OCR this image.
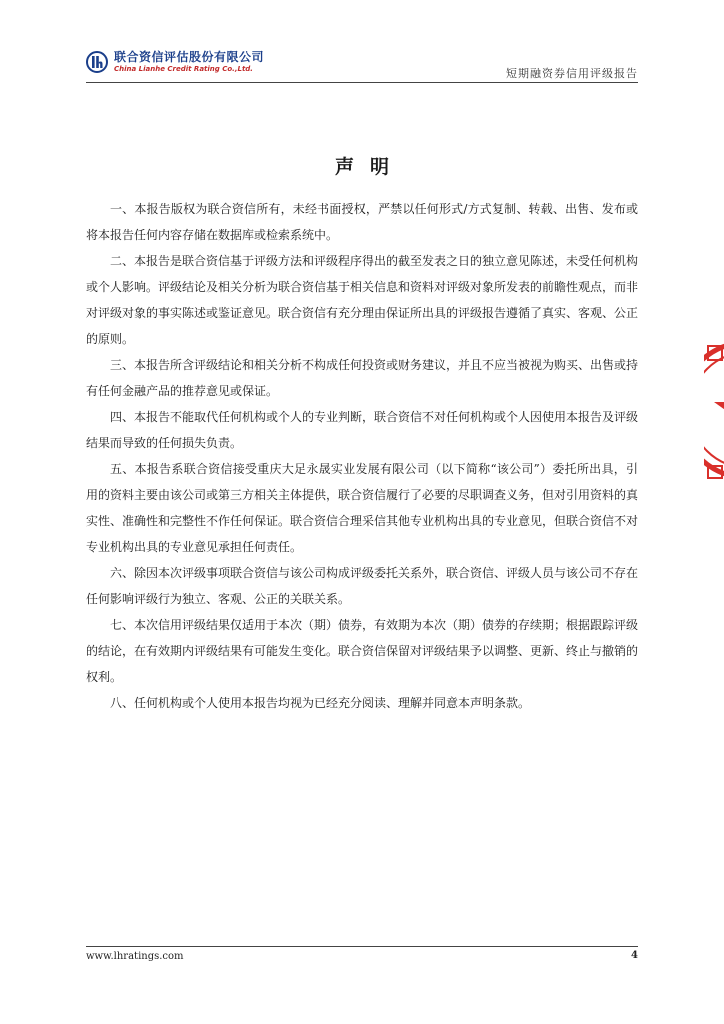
联合资信评估股份有限公司
China Lianhe Credit Rating Co.,Ltd.	短期融资券信用评级报告
声明

一、本报告版权为联合资信所有，未经书面授权，严禁以任何形式/方式复制、转载、出售、发布或将本报告任何内容存储在数据库或检索系统中。

二、本报告是联合资信基于评级方法和评级程序得出的截至发表之日的独立意见陈述，未受任何机构或个人影响。评级结论及相关分析为联合资信基于相关信息和资料对评级对象所发表的前瞻性观点，而非对评级对象的事实陈述或鉴证意见。联合资信有充分理由保证所出具的评级报告遵循了真实、客观、公正的原则。

三、本报告所含评级结论和相关分析不构成任何投资或财务建议，并且不应当被视为购买、出售或持有任何金融产品的推荐意见或保证。

四、本报告不能取代任何机构或个人的专业判断，联合资信不对任何机构或个人因使用本报告及评级结果而导致的任何损失负责。

五、本报告系联合资信接受重庆大足永晟实业发展有限公司（以下简称“该公司”）委托所出具，引用的资料主要由该公司或第三方相关主体提供，联合资信履行了必要的尽职调查义务，但对引用资料的真实性、准确性和完整性不作任何保证。联合资信合理采信其他专业机构出具的专业意见，但联合资信不对专业机构出具的专业意见承担任何责任。

六、除因本次评级事项联合资信与该公司构成评级委托关系外，联合资信、评级人员与该公司不存在任何影响评级行为独立、客观、公正的关联关系。

七、本次信用评级结果仅适用于本次（期）债券，有效期为本次（期）债券的存续期；根据跟踪评级的结论，在有效期内评级结果有可能发生变化。联合资信保留对评级结果予以调整、更新、终止与撤销的权利。

八、任何机构或个人使用本报告均视为已经充分阅读、理解并同意本声明条款。

www.lhratings.com	4
